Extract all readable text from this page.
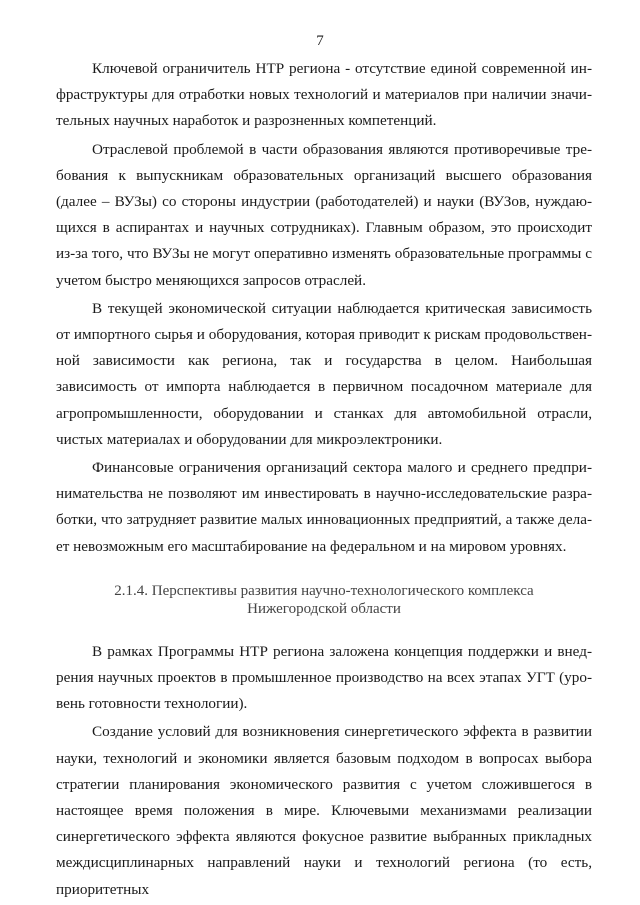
7

Ключевой ограничитель НТР региона - отсутствие единой современной инфраструктуры для отработки новых технологий и материалов при наличии значительных научных наработок и разрозненных компетенций.

Отраслевой проблемой в части образования являются противоречивые требования к выпускникам образовательных организаций высшего образования (далее – ВУЗы) со стороны индустрии (работодателей) и науки (ВУЗов, нуждающихся в аспирантах и научных сотрудниках). Главным образом, это происходит из-за того, что ВУЗы не могут оперативно изменять образовательные программы с учетом быстро меняющихся запросов отраслей.

В текущей экономической ситуации наблюдается критическая зависимость от импортного сырья и оборудования, которая приводит к рискам продовольственной зависимости как региона, так и государства в целом. Наибольшая зависимость от импорта наблюдается в первичном посадочном материале для агропромышленности, оборудовании и станках для автомобильной отрасли, чистых материалах и оборудовании для микроэлектроники.

Финансовые ограничения организаций сектора малого и среднего предпринимательства не позволяют им инвестировать в научно-исследовательские разработки, что затрудняет развитие малых инновационных предприятий, а также делает невозможным его масштабирование на федеральном и на мировом уровнях.

2.1.4. Перспективы развития научно-технологического комплекса
Нижегородской области

В рамках Программы НТР региона заложена концепция поддержки и внедрения научных проектов в промышленное производство на всех этапах УГТ (уровень готовности технологии).

Создание условий для возникновения синергетического эффекта в развитии науки, технологий и экономики является базовым подходом в вопросах выбора стратегии планирования экономического развития с учетом сложившегося в настоящее время положения в мире. Ключевыми механизмами реализации синергетического эффекта являются фокусное развитие выбранных прикладных междисциплинарных направлений науки и технологий региона (то есть, приоритетных
